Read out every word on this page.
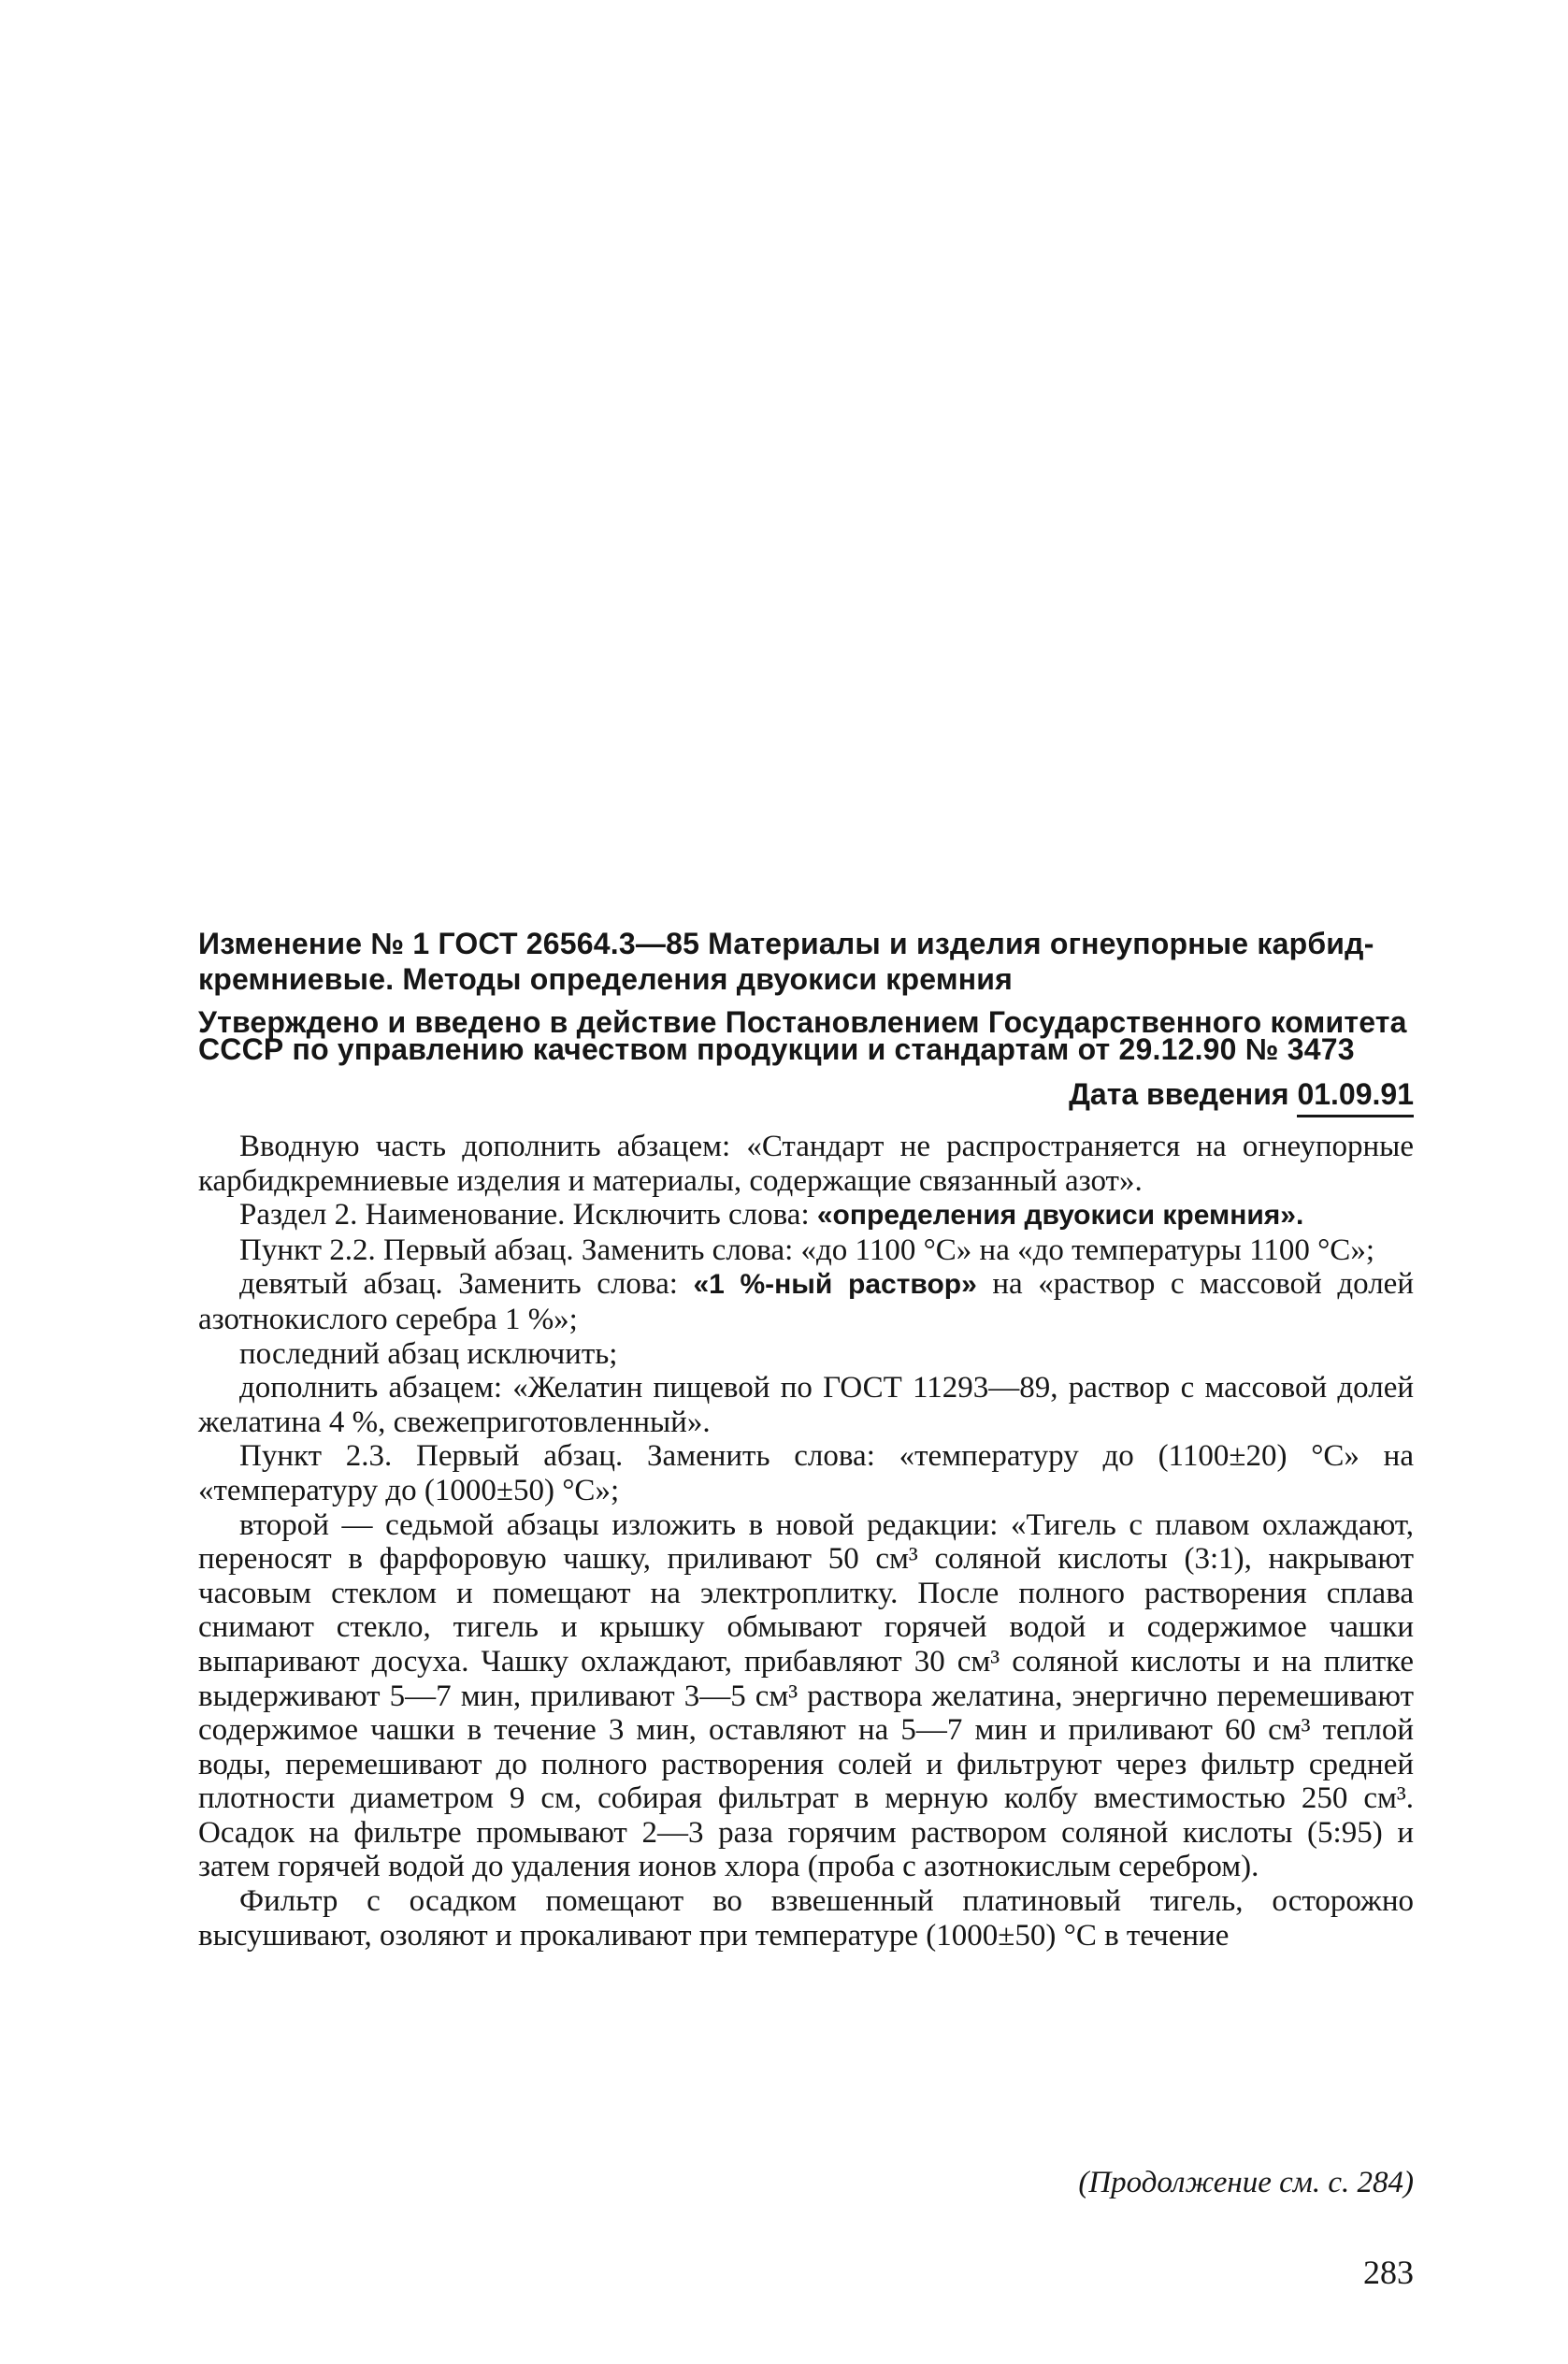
Изменение № 1 ГОСТ 26564.3—85 Материалы и изделия огнеупорные карбид-
кремниевые. Методы определения двуокиси кремния
Утверждено и введено в действие Постановлением Государственного комитета
СССР по управлению качеством продукции и стандартам от 29.12.90 № 3473
Дата введения 01.09.91

Вводную часть дополнить абзацем: «Стандарт не распространяется на огнеупорные карбидкремниевые изделия и материалы, содержащие связанный азот».

Раздел 2. Наименование. Исключить слова: «определения двуокиси кремния».

Пункт 2.2. Первый абзац. Заменить слова: «до 1100 °С» на «до температуры 1100 °С»;

девятый абзац. Заменить слова: «1 %-ный раствор» на «раствор с массовой долей азотнокислого серебра 1 %»;

последний абзац исключить;

дополнить абзацем: «Желатин пищевой по ГОСТ 11293—89, раствор с массовой долей желатина 4 %, свежеприготовленный».

Пункт 2.3. Первый абзац. Заменить слова: «температуру до (1100±20) °С» на «температуру до (1000±50) °С»;

второй — седьмой абзацы изложить в новой редакции: «Тигель с плавом охлаждают, переносят в фарфоровую чашку, приливают 50 см³ соляной кислоты (3:1), накрывают часовым стеклом и помещают на электроплитку. После полного растворения сплава снимают стекло, тигель и крышку обмывают горячей водой и содержимое чашки выпаривают досуха. Чашку охлаждают, прибавляют 30 см³ соляной кислоты и на плитке выдерживают 5—7 мин, приливают 3—5 см³ раствора желатина, энергично перемешивают содержимое чашки в течение 3 мин, оставляют на 5—7 мин и приливают 60 см³ теплой воды, перемешивают до полного растворения солей и фильтруют через фильтр средней плотности диаметром 9 см, собирая фильтрат в мерную колбу вместимостью 250 см³. Осадок на фильтре промывают 2—3 раза горячим раствором соляной кислоты (5:95) и затем горячей водой до удаления ионов хлора (проба с азотнокислым серебром).

Фильтр с осадком помещают во взвешенный платиновый тигель, осторожно высушивают, озоляют и прокаливают при температуре (1000±50) °С в течение

(Продолжение см. с. 284)
283
